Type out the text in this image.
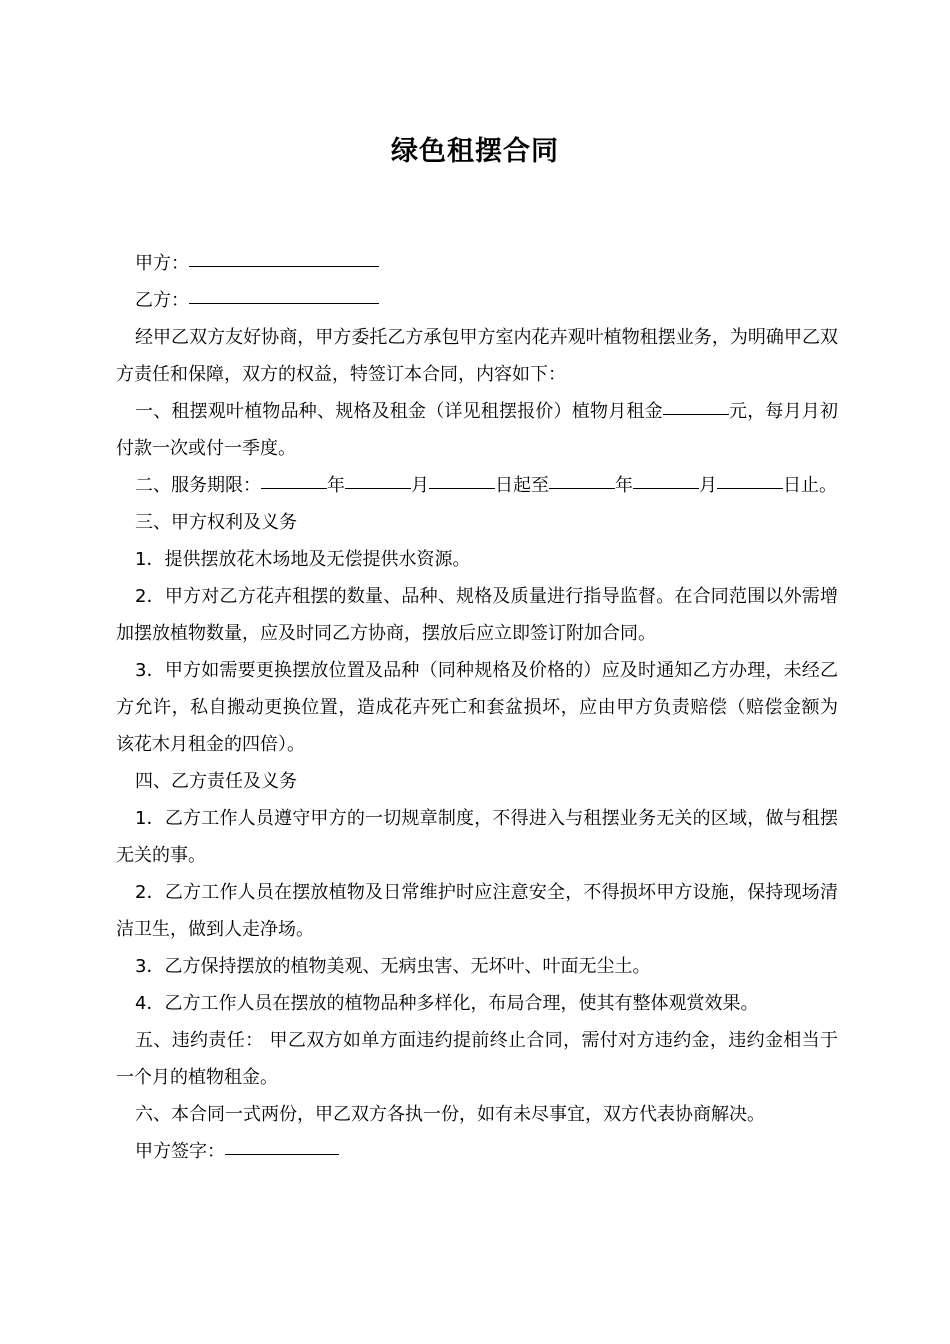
绿色租摆合同

甲方：

乙方：

经甲乙双方友好协商，甲方委托乙方承包甲方室内花卉观叶植物租摆业务，为明确甲乙双方责任和保障，双方的权益，特签订本合同，内容如下：

一、租摆观叶植物品种、规格及租金（详见租摆报价）植物月租金	元，每月月初付款一次或付一季度。

二、服务期限：	年	月	日起至	年	月	日止。

三、甲方权利及义务

1．提供摆放花木场地及无偿提供水资源。

2．甲方对乙方花卉租摆的数量、品种、规格及质量进行指导监督。在合同范围以外需增加摆放植物数量，应及时同乙方协商，摆放后应立即签订附加合同。

3．甲方如需要更换摆放位置及品种（同种规格及价格的）应及时通知乙方办理，未经乙方允许，私自搬动更换位置，造成花卉死亡和套盆损坏，应由甲方负责赔偿（赔偿金额为 该花木月租金的四倍）。

四、乙方责任及义务

1．乙方工作人员遵守甲方的一切规章制度，不得进入与租摆业务无关的区域，做与租摆无关的事。

2．乙方工作人员在摆放植物及日常维护时应注意安全，不得损坏甲方设施，保持现场清洁卫生，做到人走净场。

3．乙方保持摆放的植物美观、无病虫害、无坏叶、叶面无尘土。

4．乙方工作人员在摆放的植物品种多样化，布局合理，使其有整体观赏效果。

五、违约责任： 甲乙双方如单方面违约提前终止合同，需付对方违约金，违约金相当于一个月的植物租金。

六、本合同一式两份，甲乙双方各执一份，如有未尽事宜，双方代表协商解决。

甲方签字：
